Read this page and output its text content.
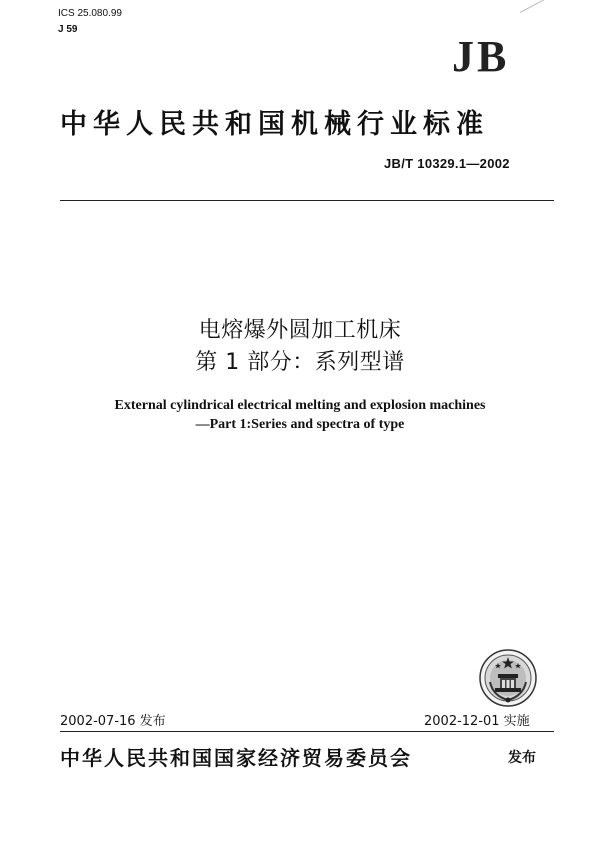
ICS 25.080.99
J 59
JB
中华人民共和国机械行业标准
JB/T 10329.1—2002
电熔爆外圆加工机床
第 1 部分：系列型谱
External cylindrical electrical melting and explosion machines
—Part 1:Series and spectra of type
2002-07-16 发布	2002-12-01 实施
中华人民共和国国家经济贸易委员会	发布
